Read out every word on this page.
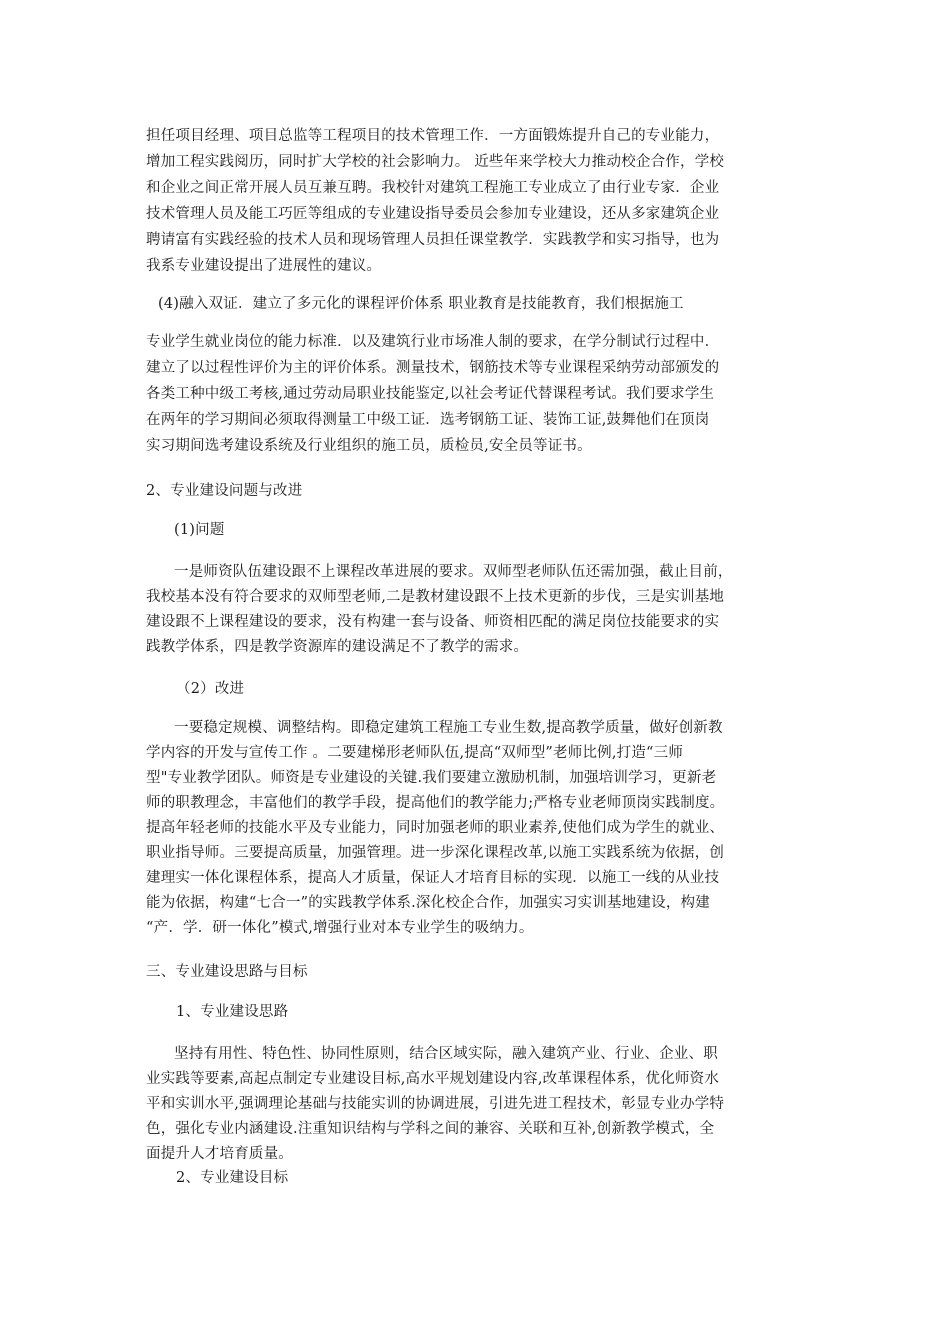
担任项目经理、项目总监等工程项目的技术管理工作．一方面锻炼提升自己的专业能力，
增加工程实践阅历，同时扩大学校的社会影响力。 近些年来学校大力推动校企合作，学校
和企业之间正常开展人员互兼互聘。我校针对建筑工程施工专业成立了由行业专家．企业
技术管理人员及能工巧匠等组成的专业建设指导委员会参加专业建设，还从多家建筑企业
聘请富有实践经验的技术人员和现场管理人员担任课堂教学．实践教学和实习指导，也为
我系专业建设提出了进展性的建议。
(4)融入双证．建立了多元化的课程评价体系 职业教育是技能教育，我们根据施工
专业学生就业岗位的能力标准．以及建筑行业市场准人制的要求，在学分制试行过程中．
建立了以过程性评价为主的评价体系。测量技术，钢筋技术等专业课程采纳劳动部颁发的
各类工种中级工考核,通过劳动局职业技能鉴定,以社会考证代替课程考试。我们要求学生
在两年的学习期间必须取得测量工中级工证．选考钢筋工证、装饰工证,鼓舞他们在顶岗
实习期间选考建设系统及行业组织的施工员，质检员,安全员等证书。
2、专业建设问题与改进
(1)问题
一是师资队伍建设跟不上课程改革进展的要求。双师型老师队伍还需加强，截止目前，
我校基本没有符合要求的双师型老师,二是教材建设跟不上技术更新的步伐，三是实训基地
建设跟不上课程建设的要求，没有构建一套与设备、师资相匹配的满足岗位技能要求的实
践教学体系，四是教学资源库的建设满足不了教学的需求。
（2）改进
一要稳定规模、调整结构。即稳定建筑工程施工专业生数,提高教学质量，做好创新教
学内容的开发与宣传工作 。二要建梯形老师队伍,提高“双师型”老师比例,打造“三师
型"专业教学团队。师资是专业建设的关键.我们要建立激励机制，加强培训学习，更新老
师的职教理念，丰富他们的教学手段，提高他们的教学能力;严格专业老师顶岗实践制度。
提高年轻老师的技能水平及专业能力，同时加强老师的职业素养,使他们成为学生的就业、
职业指导师。三要提高质量，加强管理。进一步深化课程改革,以施工实践系统为依据，创
建理实一体化课程体系，提高人才质量，保证人才培育目标的实现．以施工一线的从业技
能为依据，构建“七合一”的实践教学体系.深化校企合作，加强实习实训基地建设，构建
“产．学．研一体化”模式,增强行业对本专业学生的吸纳力。
三、专业建设思路与目标
1、专业建设思路
坚持有用性、特色性、协同性原则，结合区域实际，融入建筑产业、行业、企业、职
业实践等要素,高起点制定专业建设目标,高水平规划建设内容,改革课程体系，优化师资水
平和实训水平,强调理论基础与技能实训的协调进展，引进先进工程技术，彰显专业办学特
色，强化专业内涵建设.注重知识结构与学科之间的兼容、关联和互补,创新教学模式，全
面提升人才培育质量。
2、专业建设目标
